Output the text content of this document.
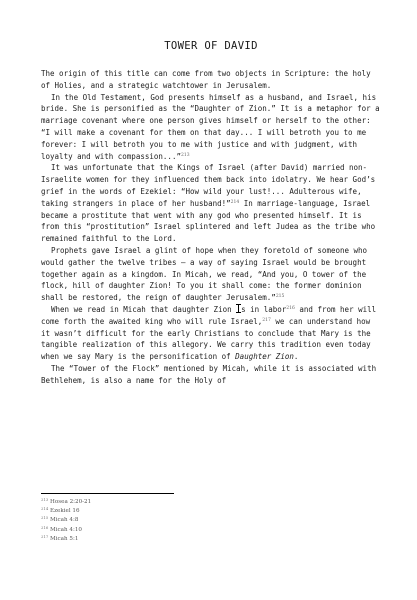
TOWER OF DAVID

The origin of this title can come from two objects in Scripture: the holy of Holies, and a strategic watchtower in Jerusalem.

In the Old Testament, God presents himself as a husband, and Israel, his bride. She is personified as the “Daughter of Zion.” It is a metaphor for a marriage covenant where one person gives himself or herself to the other: “I will make a covenant for them on that day... I will betroth you to me forever: I will betroth you to me with justice and with judgment, with loyalty and with compassion...”$^{213}$

It was unfortunate that the Kings of Israel (after David) married non-Israelite women for they influenced them back into idolatry. We hear God’s grief in the words of Ezekiel: “How wild your lust!... Adulterous wife, taking strangers in place of her husband!”$^{214}$ In marriage-language, Israel became a prostitute that went with any god who presented himself. It is from this “prostitution” Israel splintered and left Judea as the tribe who remained faithful to the Lord.

Prophets gave Israel a glint of hope when they foretold of someone who would gather the twelve tribes – a way of saying Israel would be brought together again as a kingdom. In Micah, we read, “And you, O tower of the flock, hill of daughter Zion! To you it shall come: the former dominion shall be restored, the reign of daughter Jerusalem.”$^{215}$

When we read in Micah that daughter Zion s in labor$^{216}$ and from her will come forth the awaited king who will rule Israel,$^{217}$ we can understand how it wasn’t difficult for the early Christians to conclude that Mary is the tangible realization of this allegory. We carry this tradition even today when we say Mary is the personification of Daughter Zion.

The “Tower of the Flock” mentioned by Micah, while it is associated with Bethlehem, is also a name for the Holy of

$^{213}$ Hosea 2:20-21
$^{214}$ Ezekiel 16
$^{215}$ Micah 4:8
$^{216}$ Micah 4:10
$^{217}$ Micah 5:1
